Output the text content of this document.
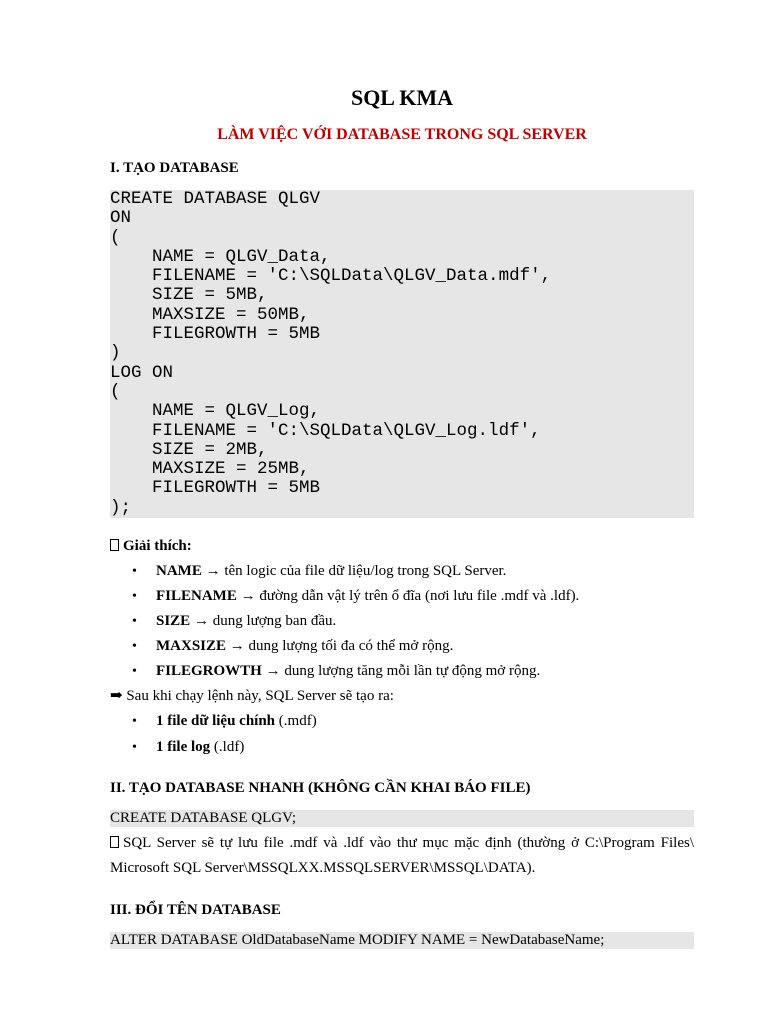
SQL KMA
LÀM VIỆC VỚI DATABASE TRONG SQL SERVER
I. TẠO DATABASE
CREATE DATABASE QLGV
ON
(
NAME = QLGV_Data,
FILENAME = 'C:\SQLData\QLGV_Data.mdf',
SIZE = 5MB,
MAXSIZE = 50MB,
FILEGROWTH = 5MB
)
LOG ON
(
NAME = QLGV_Log,
FILENAME = 'C:\SQLData\QLGV_Log.ldf',
SIZE = 2MB,
MAXSIZE = 25MB,
FILEGROWTH = 5MB
);
Giải thích:
• NAME → tên logic của file dữ liệu/log trong SQL Server.
• FILENAME → đường dẫn vật lý trên ổ đĩa (nơi lưu file .mdf và .ldf).
• SIZE → dung lượng ban đầu.
• MAXSIZE → dung lượng tối đa có thể mở rộng.
• FILEGROWTH → dung lượng tăng mỗi lần tự động mở rộng.
➡ Sau khi chạy lệnh này, SQL Server sẽ tạo ra:
• 1 file dữ liệu chính (.mdf)
• 1 file log (.ldf)
II. TẠO DATABASE NHANH (KHÔNG CẦN KHAI BÁO FILE)
CREATE DATABASE QLGV;
SQL Server sẽ tự lưu file .mdf và .ldf vào thư mục mặc định (thường ở C:\Program Files\ Microsoft SQL Server\MSSQLXX.MSSQLSERVER\MSSQL\DATA).
III. ĐỔI TÊN DATABASE
ALTER DATABASE OldDatabaseName MODIFY NAME = NewDatabaseName;
